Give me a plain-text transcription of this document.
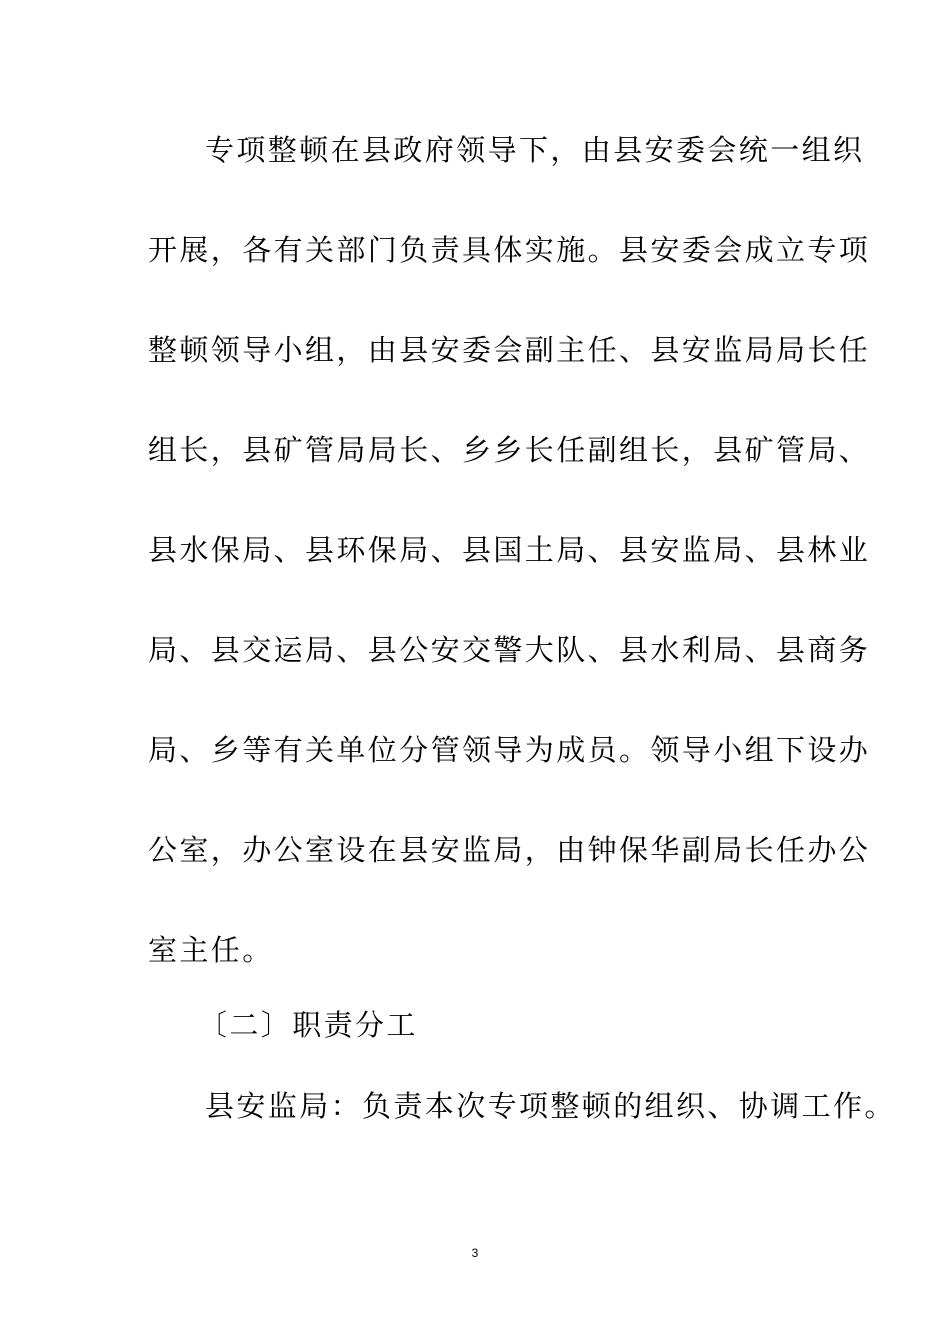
专项整顿在县政府领导下，由县安委会统一组织
开展，各有关部门负责具体实施。县安委会成立专项
整顿领导小组，由县安委会副主任、县安监局局长任
组长，县矿管局局长、乡乡长任副组长，县矿管局、
县水保局、县环保局、县国土局、县安监局、县林业
局、县交运局、县公安交警大队、县水利局、县商务
局、乡等有关单位分管领导为成员。领导小组下设办
公室，办公室设在县安监局，由钟保华副局长任办公
室主任。
〔二〕职责分工
县安监局：负责本次专项整顿的组织、协调工作。
3
